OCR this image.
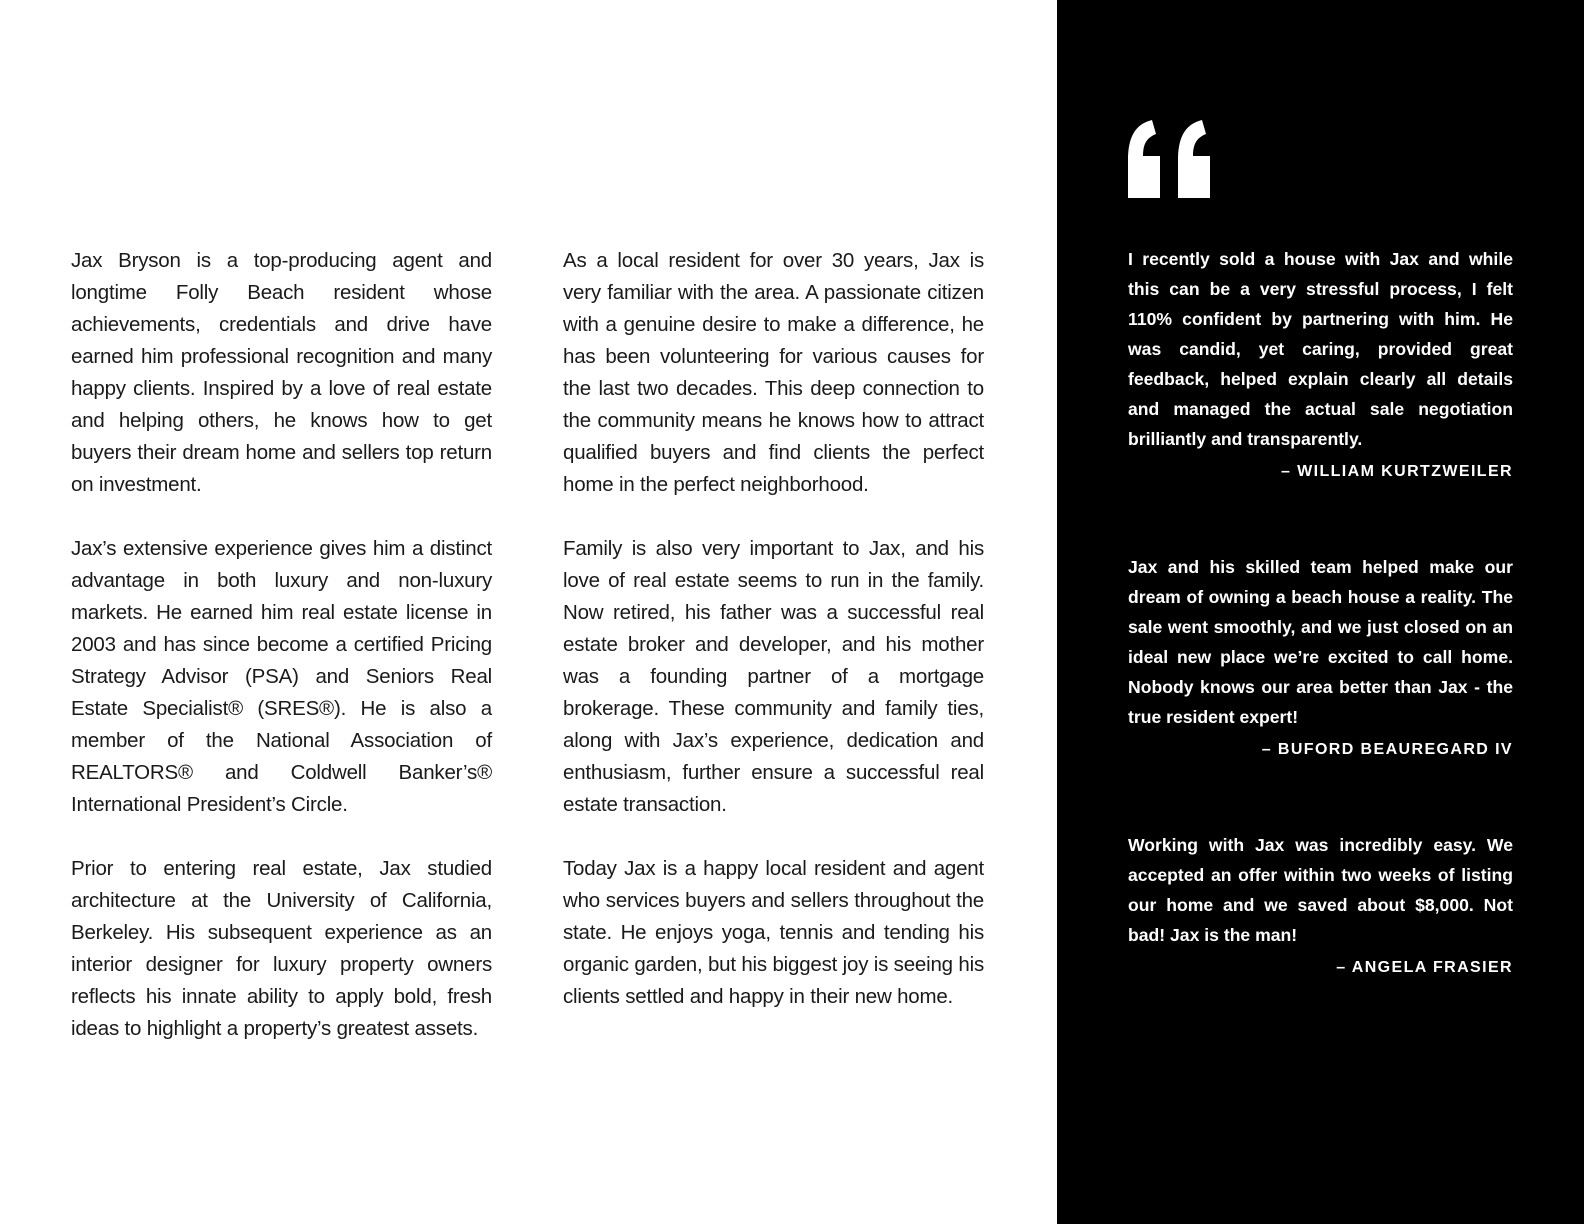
Jax Bryson is a top-producing agent and longtime Folly Beach resident whose achievements, credentials and drive have earned him professional recognition and many happy clients. Inspired by a love of real estate and helping others, he knows how to get buyers their dream home and sellers top return on investment.

Jax’s extensive experience gives him a distinct advantage in both luxury and non-luxury markets. He earned him real estate license in 2003 and has since become a certified Pricing Strategy Advisor (PSA) and Seniors Real Estate Specialist® (SRES®). He is also a member of the National Association of REALTORS® and Coldwell Banker’s® International President’s Circle.

Prior to entering real estate, Jax studied architecture at the University of California, Berkeley. His subsequent experience as an interior designer for luxury property owners reflects his innate ability to apply bold, fresh ideas to highlight a property’s greatest assets.

As a local resident for over 30 years, Jax is very familiar with the area. A passionate citizen with a genuine desire to make a difference, he has been volunteering for various causes for the last two decades. This deep connection to the community means he knows how to attract qualified buyers and find clients the perfect home in the perfect neighborhood.

Family is also very important to Jax, and his love of real estate seems to run in the family. Now retired, his father was a successful real estate broker and developer, and his mother was a founding partner of a mortgage brokerage. These community and family ties, along with Jax’s experience, dedication and enthusiasm, further ensure a successful real estate transaction.

Today Jax is a happy local resident and agent who services buyers and sellers throughout the state. He enjoys yoga, tennis and tending his organic garden, but his biggest joy is seeing his clients settled and happy in their new home.

I recently sold a house with Jax and while this can be a very stressful process, I felt 110% confident by partnering with him. He was candid, yet caring, provided great feedback, helped explain clearly all details and managed the actual sale negotiation brilliantly and transparently.

– WILLIAM KURTZWEILER

Jax and his skilled team helped make our dream of owning a beach house a reality. The sale went smoothly, and we just closed on an ideal new place we’re excited to call home. Nobody knows our area better than Jax - the true resident expert!

– BUFORD BEAUREGARD IV

Working with Jax was incredibly easy. We accepted an offer within two weeks of listing our home and we saved about $8,000. Not bad! Jax is the man!

– ANGELA FRASIER
